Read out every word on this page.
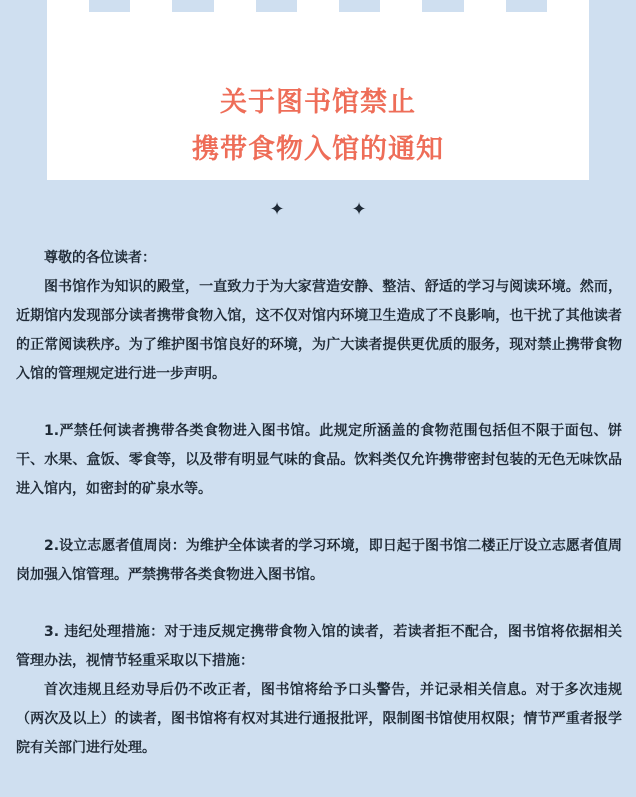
关于图书馆禁止
携带食物入馆的通知
✦	✦

尊敬的各位读者：

图书馆作为知识的殿堂，一直致力于为大家营造安静、整洁、舒适的学习与阅读环境。然而，近期馆内发现部分读者携带食物入馆，这不仅对馆内环境卫生造成了不良影响，也干扰了其他读者的正常阅读秩序。为了维护图书馆良好的环境，为广大读者提供更优质的服务，现对禁止携带食物入馆的管理规定进行进一步声明。

1.严禁任何读者携带各类食物进入图书馆。此规定所涵盖的食物范围包括但不限于面包、饼干、水果、盒饭、零食等，以及带有明显气味的食品。饮料类仅允许携带密封包装的无色无味饮品进入馆内，如密封的矿泉水等。

2.设立志愿者值周岗：为维护全体读者的学习环境，即日起于图书馆二楼正厅设立志愿者值周岗加强入馆管理。严禁携带各类食物进入图书馆。

3. 违纪处理措施：对于违反规定携带食物入馆的读者，若读者拒不配合，图书馆将依据相关管理办法，视情节轻重采取以下措施：

首次违规且经劝导后仍不改正者，图书馆将给予口头警告，并记录相关信息。对于多次违规（两次及以上）的读者，图书馆将有权对其进行通报批评，限制图书馆使用权限；情节严重者报学院有关部门进行处理。
